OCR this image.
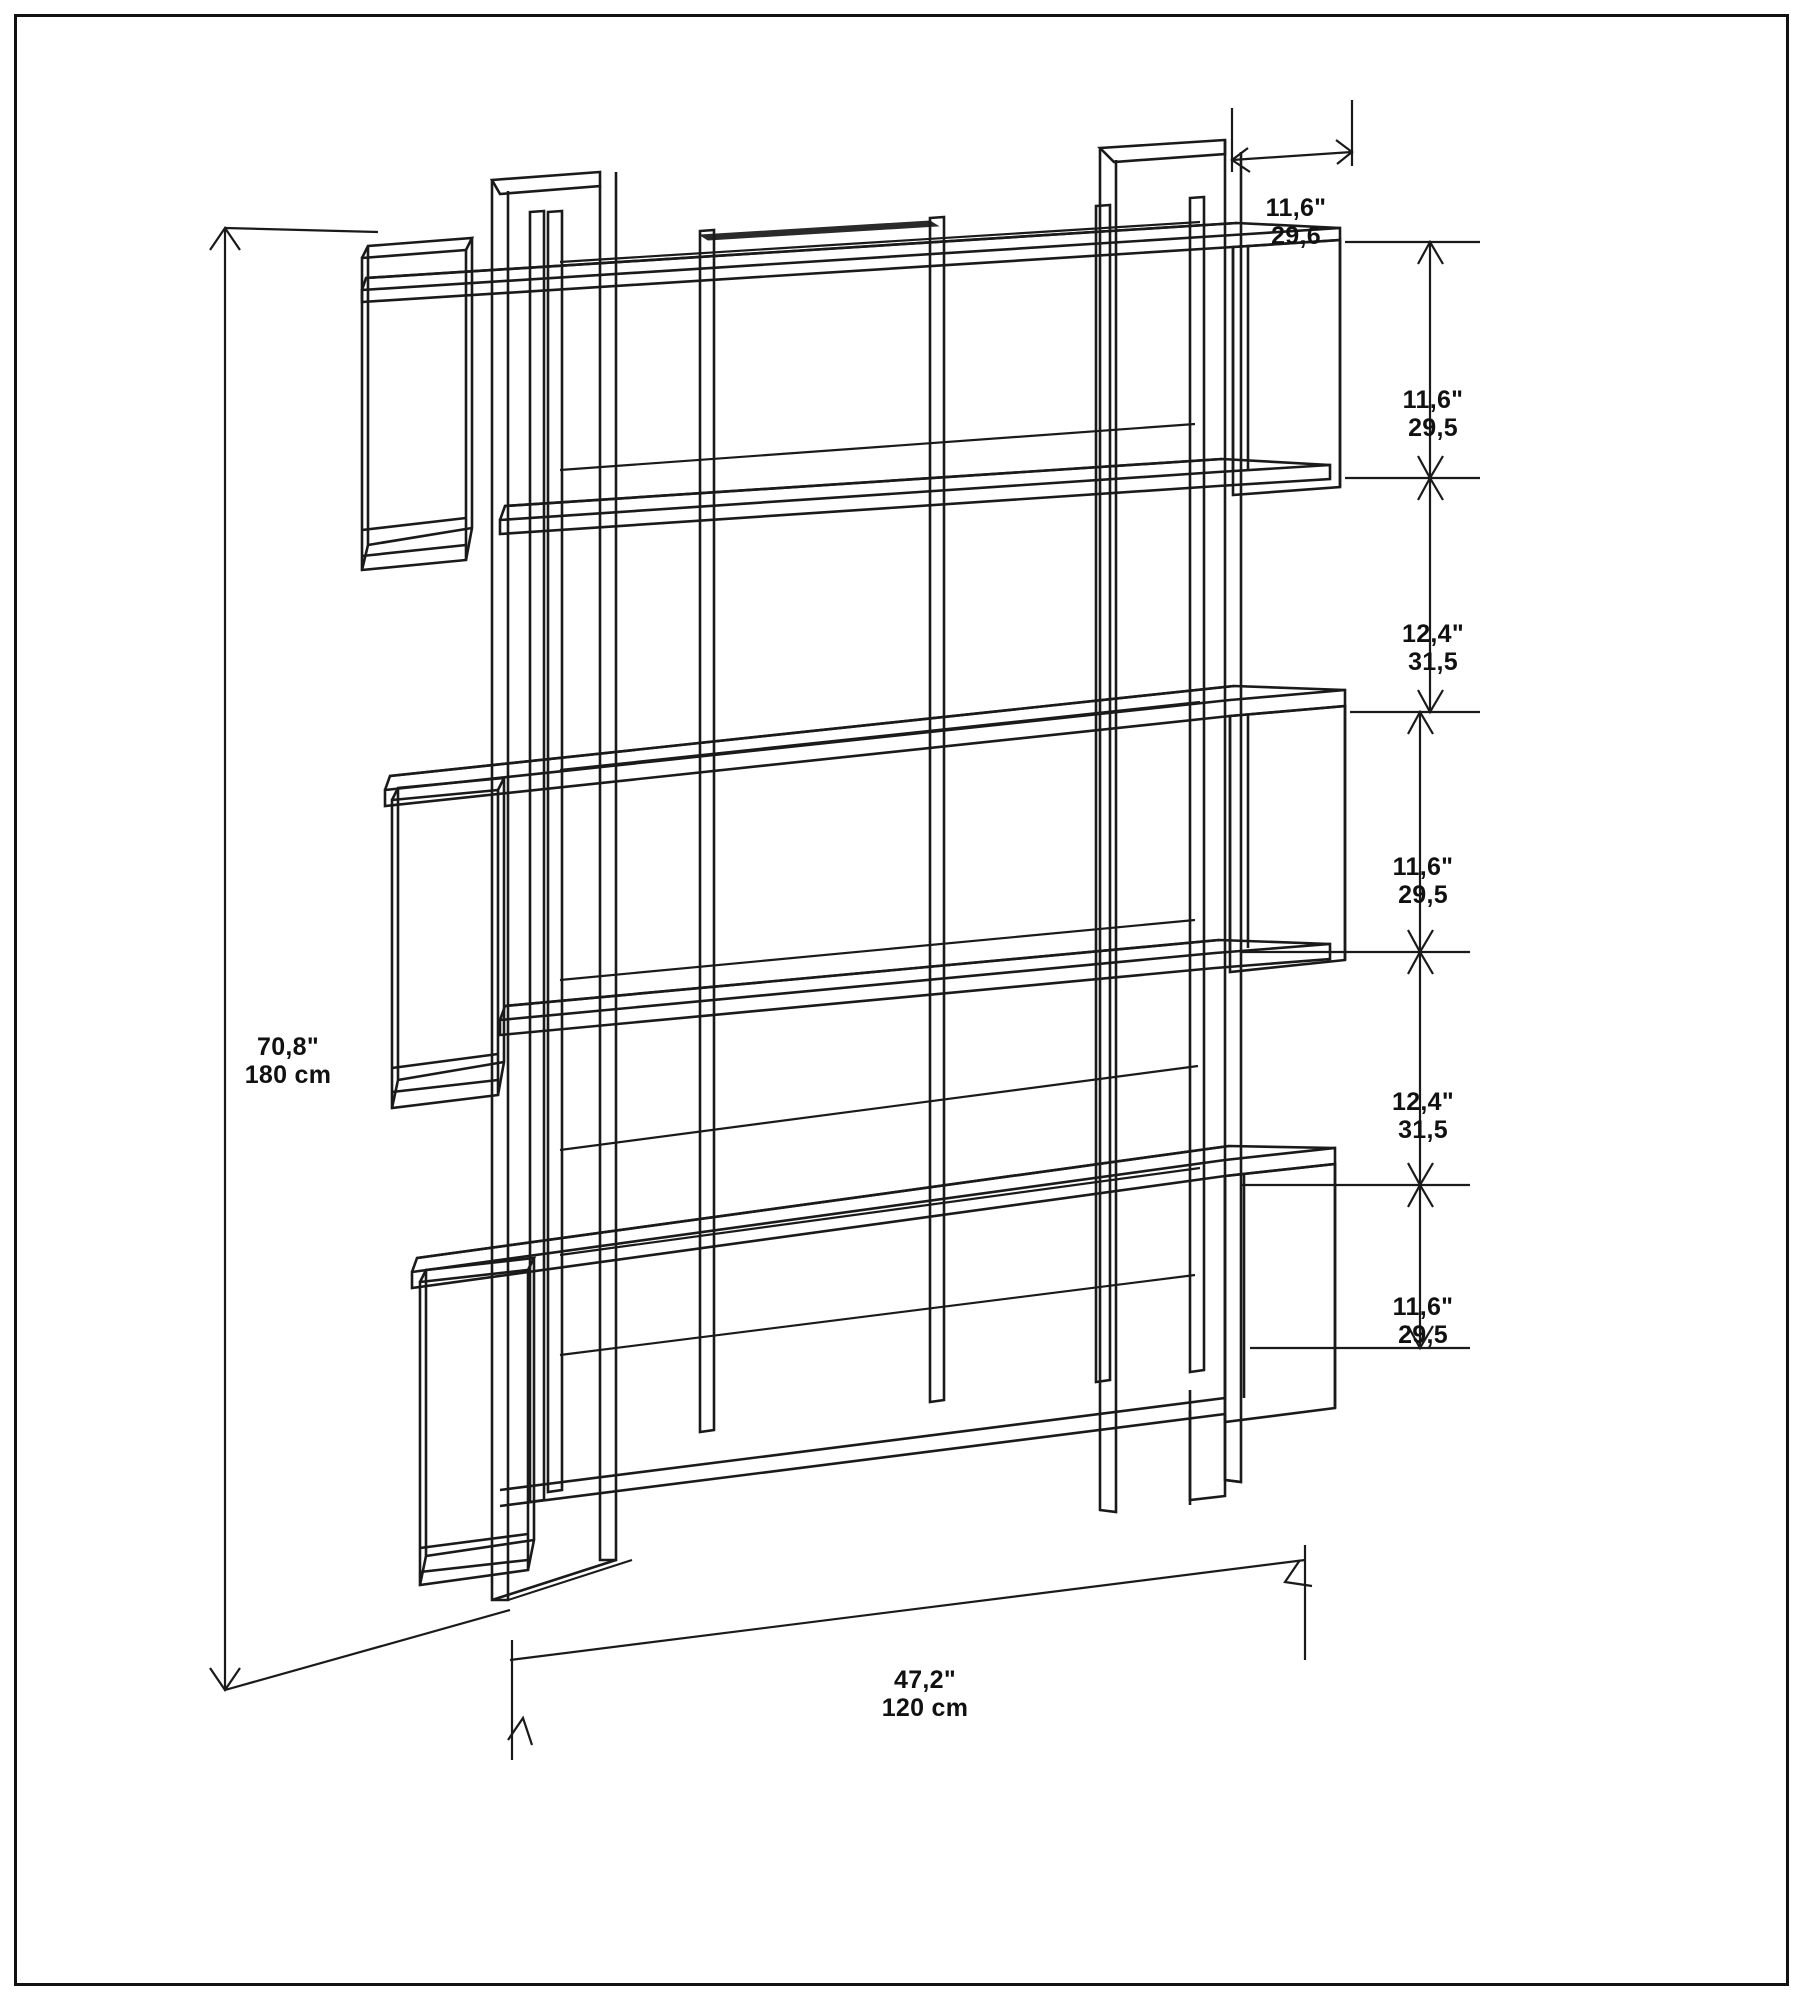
11,6"
29,6

11,6"
29,5

12,4"
31,5

11,6"
29,5

12,4"
31,5

11,6"
29,5

70,8"
180 cm

47,2"
120 cm
